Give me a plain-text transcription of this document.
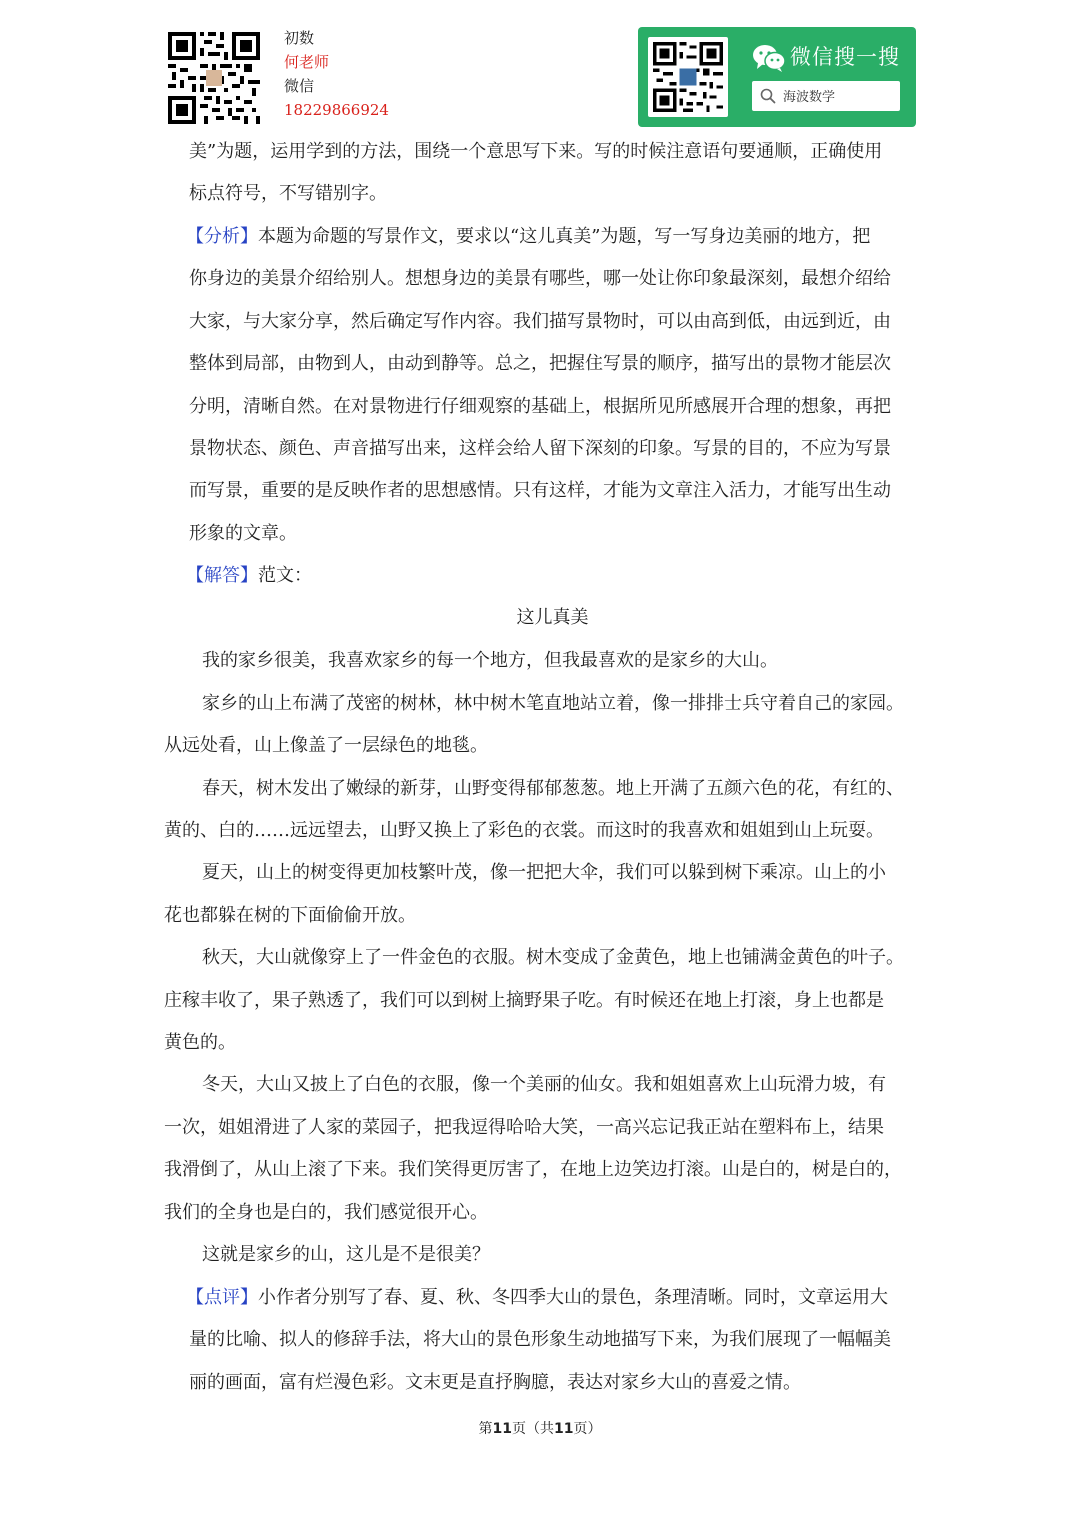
初数
何老师
微信
18229866924
微信搜一搜
海波数学
美”为题，运用学到的方法，围绕一个意思写下来。写的时候注意语句要通顺，正确使用
标点符号，不写错别字。
【分析】本题为命题的写景作文，要求以“这儿真美”为题，写一写身边美丽的地方，把
你身边的美景介绍给别人。想想身边的美景有哪些，哪一处让你印象最深刻，最想介绍给
大家，与大家分享，然后确定写作内容。我们描写景物时，可以由高到低，由远到近，由
整体到局部，由物到人，由动到静等。总之，把握住写景的顺序，描写出的景物才能层次
分明，清晰自然。在对景物进行仔细观察的基础上，根据所见所感展开合理的想象，再把
景物状态、颜色、声音描写出来，这样会给人留下深刻的印象。写景的目的，不应为写景
而写景，重要的是反映作者的思想感情。只有这样，才能为文章注入活力，才能写出生动
形象的文章。
【解答】范文：
这儿真美
我的家乡很美，我喜欢家乡的每一个地方，但我最喜欢的是家乡的大山。
家乡的山上布满了茂密的树林，林中树木笔直地站立着，像一排排士兵守着自己的家园。
从远处看，山上像盖了一层绿色的地毯。
春天，树木发出了嫩绿的新芽，山野变得郁郁葱葱。地上开满了五颜六色的花，有红的、
黄的、白的……远远望去，山野又换上了彩色的衣裳。而这时的我喜欢和姐姐到山上玩耍。
夏天，山上的树变得更加枝繁叶茂，像一把把大伞，我们可以躲到树下乘凉。山上的小
花也都躲在树的下面偷偷开放。
秋天，大山就像穿上了一件金色的衣服。树木变成了金黄色，地上也铺满金黄色的叶子。
庄稼丰收了，果子熟透了，我们可以到树上摘野果子吃。有时候还在地上打滚，身上也都是
黄色的。
冬天，大山又披上了白色的衣服，像一个美丽的仙女。我和姐姐喜欢上山玩滑力坡，有
一次，姐姐滑进了人家的菜园子，把我逗得哈哈大笑，一高兴忘记我正站在塑料布上，结果
我滑倒了，从山上滚了下来。我们笑得更厉害了，在地上边笑边打滚。山是白的，树是白的，
我们的全身也是白的，我们感觉很开心。
这就是家乡的山，这儿是不是很美？
【点评】小作者分别写了春、夏、秋、冬四季大山的景色，条理清晰。同时，文章运用大
量的比喻、拟人的修辞手法，将大山的景色形象生动地描写下来，为我们展现了一幅幅美
丽的画面，富有烂漫色彩。文末更是直抒胸臆，表达对家乡大山的喜爱之情。
第11页（共11页）
